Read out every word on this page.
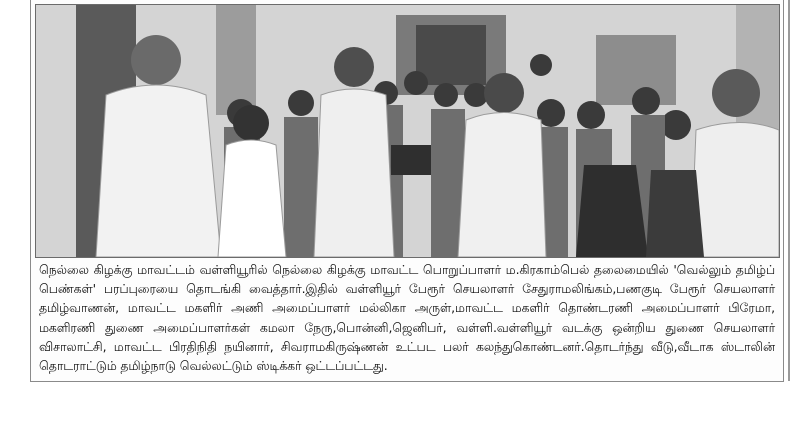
நெல்லை கிழக்கு மாவட்டம் வள்ளியூரில் நெல்லை கிழக்கு மாவட்ட பொறுப்பாளர் ம.கிரகாம்பெல் தலைமையில் 'வெல்லும் தமிழ்ப் பெண்கள்' பரப்புரையை தொடங்கி வைத்தார்.இதில் வள்ளியூர் பேரூர் செயலாளர் சேதுராமலிங்கம்,பணகுடி பேரூர் செயலாளர் தமிழ்வாணன், மாவட்ட மகளிர் அணி அமைப்பாளர் மல்லிகா அருள்,மாவட்ட மகளிர் தொண்டரணி அமைப்பாளர் பிரேமா, மகளிரணி துணை அமைப்பாளர்கள் கமலா நேரு,பொன்னி,ஜெனிபர், வள்ளி.வள்ளியூர் வடக்கு ஒன்றிய துணை செயலாளர் விசாலாட்சி, மாவட்ட பிரதிநிதி நயினார், சிவராமகிருஷ்ணன் உட்பட பலர் கலந்துகொண்டனர்.தொடர்ந்து வீடு,வீடாக ஸ்டாலின் தொடராட்டும் தமிழ்நாடு வெல்லட்டும் ஸ்டிக்கர் ஒட்டப்பட்டது.
